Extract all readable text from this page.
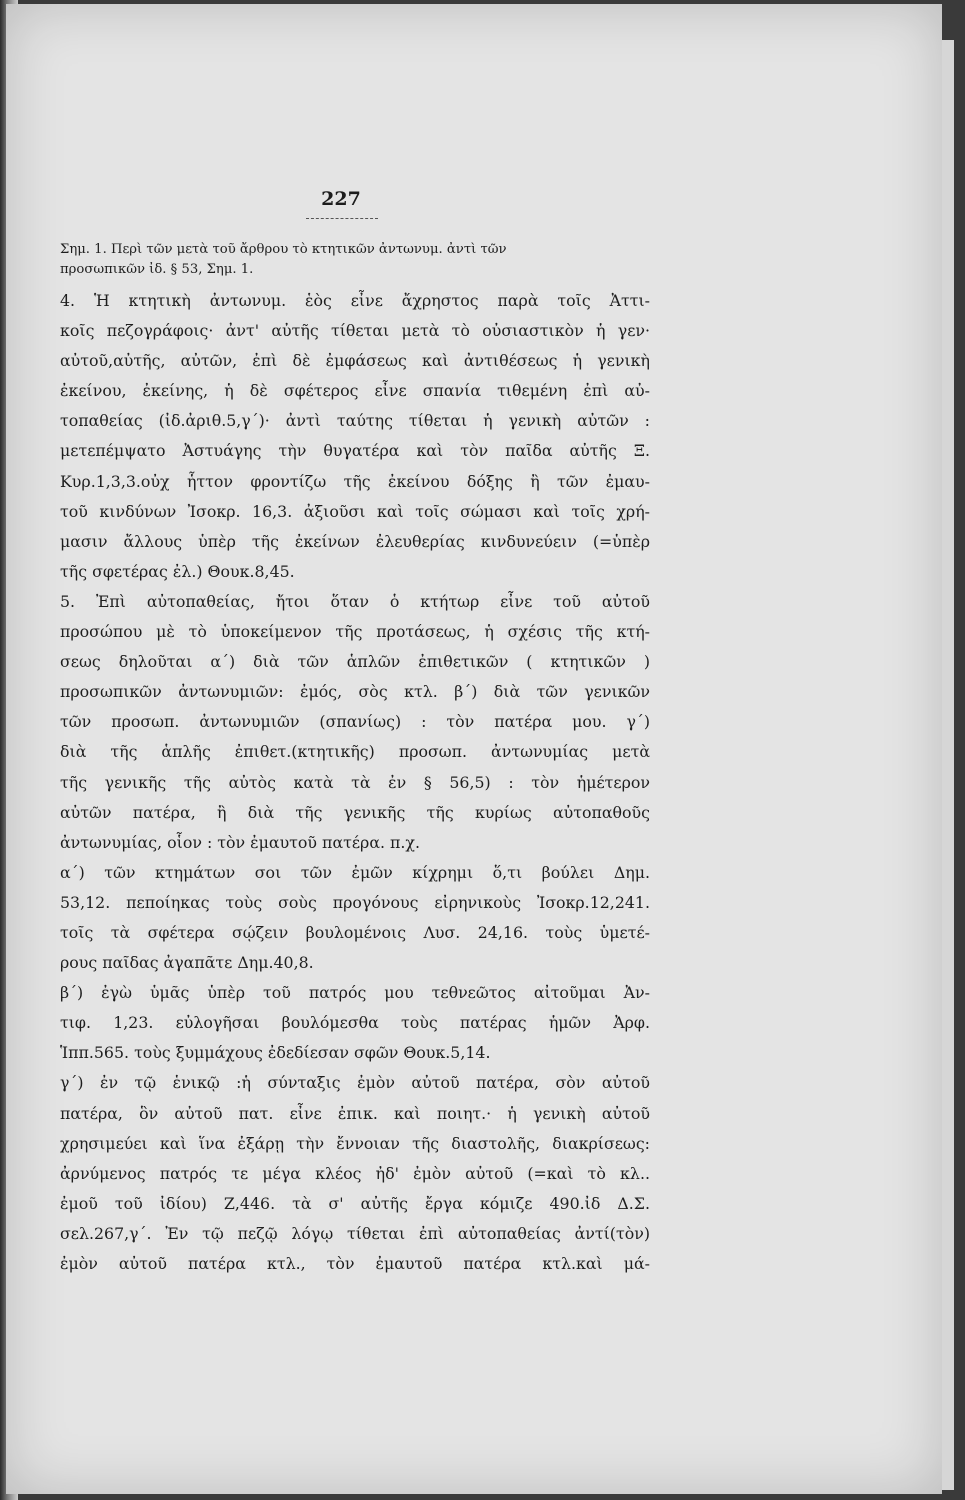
227

Σημ. 1. Περὶ τῶν μετὰ τοῦ ἄρθρου τὸ κτητικῶν ἀντωνυμ. ἀντὶ τῶν

προσωπικῶν ἰδ. § 53, Σημ. 1.

4. Ἡ κτητικὴ ἀντωνυμ. ἑὸς εἶνε ἄχρηστος παρὰ τοῖς Ἀττι-

κοῖς πεζογράφοις· ἀντ' αὐτῆς τίθεται μετὰ τὸ οὐσιαστικὸν ἡ γεν·

αὐτοῦ,αὐτῆς, αὐτῶν, ἐπὶ δὲ ἐμφάσεως καὶ ἀντιθέσεως ἡ γενικὴ

ἐκείνου, ἐκείνης, ἡ δὲ σφέτερος εἶνε σπανία τιθεμένη ἐπὶ αὐ-

τοπαθείας (ἰδ.ἀριθ.5,γ΄)· ἀντὶ ταύτης τίθεται ἡ γενικὴ αὐτῶν :

μετεπέμψατο Ἀστυάγης τὴν θυγατέρα καὶ τὸν παῖδα αὐτῆς Ξ.

Κυρ.1,3,3.οὐχ ἧττον φροντίζω τῆς ἐκείνου δόξης ἢ τῶν ἐμαυ-

τοῦ κινδύνων Ἰσοκρ. 16,3. ἀξιοῦσι καὶ τοῖς σώμασι καὶ τοῖς χρή-

μασιν ἄλλους ὑπὲρ τῆς ἐκείνων ἐλευθερίας κινδυνεύειν (=ὑπὲρ

τῆς σφετέρας ἐλ.) Θουκ.8,45.

5. Ἐπὶ αὐτοπαθείας, ἤτοι ὅταν ὁ κτήτωρ εἶνε τοῦ αὐτοῦ

προσώπου μὲ τὸ ὑποκείμενον τῆς προτάσεως, ἡ σχέσις τῆς κτή-

σεως δηλοῦται α΄) διὰ τῶν ἁπλῶν ἐπιθετικῶν ( κτητικῶν )

προσωπικῶν ἀντωνυμιῶν: ἐμός, σὸς κτλ. β΄) διὰ τῶν γενικῶν

τῶν προσωπ. ἀντωνυμιῶν (σπανίως) : τὸν πατέρα μου. γ΄)

διὰ τῆς ἁπλῆς ἐπιθετ.(κτητικῆς) προσωπ. ἀντωνυμίας μετὰ

τῆς γενικῆς τῆς αὐτὸς κατὰ τὰ ἐν § 56,5) : τὸν ἡμέτερον

αὐτῶν πατέρα, ἢ διὰ τῆς γενικῆς τῆς κυρίως αὐτοπαθοῦς

ἀντωνυμίας, οἷον : τὸν ἐμαυτοῦ πατέρα. π.χ.

α΄) τῶν κτημάτων σοι τῶν ἐμῶν κίχρημι ὅ,τι βούλει Δημ.

53,12. πεποίηκας τοὺς σοὺς προγόνους εἰρηνικοὺς Ἰσοκρ.12,241.

τοῖς τὰ σφέτερα σῴζειν βουλομένοις Λυσ. 24,16. τοὺς ὑμετέ-

ρους παῖδας ἀγαπᾶτε Δημ.40,8.

β΄) ἐγὼ ὑμᾶς ὑπὲρ τοῦ πατρός μου τεθνεῶτος αἰτοῦμαι Ἀν-

τιφ. 1,23. εὐλογῆσαι βουλόμεσθα τοὺς πατέρας ἡμῶν Ἀρφ.

Ἱππ.565. τοὺς ξυμμάχους ἐδεδίεσαν σφῶν Θουκ.5,14.

γ΄) ἐν τῷ ἑνικῷ :ἡ σύνταξις ἐμὸν αὐτοῦ πατέρα, σὸν αὐτοῦ

πατέρα, ὃν αὐτοῦ πατ. εἶνε ἐπικ. καὶ ποιητ.· ἡ γενικὴ αὐτοῦ

χρησιμεύει καὶ ἵνα ἐξάρῃ τὴν ἔννοιαν τῆς διαστολῆς, διακρίσεως:

ἀρνύμενος πατρός τε μέγα κλέος ἠδ' ἐμὸν αὐτοῦ (=καὶ τὸ κλ..

ἐμοῦ τοῦ ἰδίου) Ζ,446. τὰ σ' αὐτῆς ἔργα κόμιζε 490.ἰδ Δ.Σ.

σελ.267,γ΄. Ἐν τῷ πεζῷ λόγῳ τίθεται ἐπὶ αὐτοπαθείας ἀντί(τὸν)

ἐμὸν αὐτοῦ πατέρα κτλ., τὸν ἐμαυτοῦ πατέρα κτλ.καὶ μά-
